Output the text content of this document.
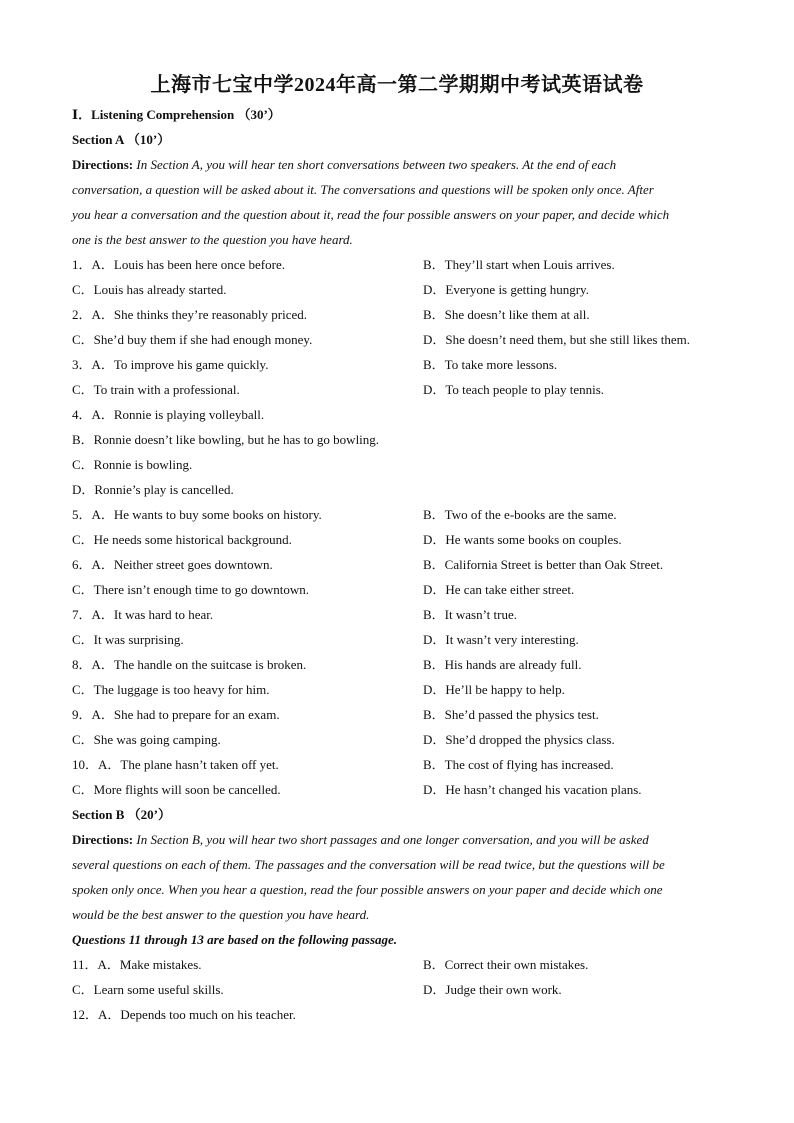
上海市七宝中学2024年高一第二学期期中考试英语试卷
Ⅰ．Listening Comprehension （30’）
Section A （10’）
Directions: In Section A, you will hear ten short conversations between two speakers. At the end of each
conversation, a question will be asked about it. The conversations and questions will be spoken only once. After
you hear a conversation and the question about it, read the four possible answers on your paper, and decide which
one is the best answer to the question you have heard.
1．A．Louis has been here once before.	B．They’ll start when Louis arrives.
C．Louis has already started.	D．Everyone is getting hungry.
2．A．She thinks they’re reasonably priced.	B．She doesn’t like them at all.
C．She’d buy them if she had enough money.	D．She doesn’t need them, but she still likes them.
3．A．To improve his game quickly.	B．To take more lessons.
C．To train with a professional.	D．To teach people to play tennis.
4．A．Ronnie is playing volleyball.
B．Ronnie doesn’t like bowling, but he has to go bowling.
C．Ronnie is bowling.
D．Ronnie’s play is cancelled.
5．A．He wants to buy some books on history.	B．Two of the e-books are the same.
C．He needs some historical background.	D．He wants some books on couples.
6．A．Neither street goes downtown.	B．California Street is better than Oak Street.
C．There isn’t enough time to go downtown.	D．He can take either street.
7．A．It was hard to hear.	B．It wasn’t true.
C．It was surprising.	D．It wasn’t very interesting.
8．A．The handle on the suitcase is broken.	B．His hands are already full.
C．The luggage is too heavy for him.	D．He’ll be happy to help.
9．A．She had to prepare for an exam.	B．She’d passed the physics test.
C．She was going camping.	D．She’d dropped the physics class.
10．A．The plane hasn’t taken off yet.	B．The cost of flying has increased.
C．More flights will soon be cancelled.	D．He hasn’t changed his vacation plans.
Section B （20’）
Directions: In Section B, you will hear two short passages and one longer conversation, and you will be asked
several questions on each of them. The passages and the conversation will be read twice, but the questions will be
spoken only once. When you hear a question, read the four possible answers on your paper and decide which one
would be the best answer to the question you have heard.
Questions 11 through 13 are based on the following passage.
11．A．Make mistakes.	B．Correct their own mistakes.
C．Learn some useful skills.	D．Judge their own work.
12．A．Depends too much on his teacher.
